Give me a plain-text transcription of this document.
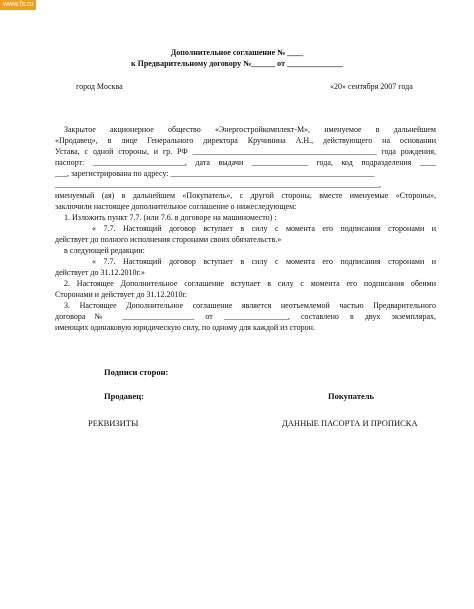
www.fs.ru
Дополнительное соглашение № ____
к Предварительному договору №______ от ______________
город Москва	«20» сентября 2007 года
Закрытое акционерное общество «Энергостройкомплект-М», именуемое в дальнейшем
«Продавец», в лице Генерального директора Кручинина А.Н., действующего на основании
Устава, с одной стороны, и гр. РФ ______________________________________________ года рождения,
паспорт: _______________________, дата выдачи ______________ года, код подразделения ____
___, зарегистрирована по адресу: ___________________________________________________
_________________________________________________________________________________,
именуемый (ая) в дальнейшем «Покупатель», с другой стороны, вместе именуемые «Стороны»,
заключили настоящее дополнительное соглашение о нижеследующем:
1. Изложить пункт 7.7. (или 7.6. в договоре на машиноместо) :
« 7.7. Настоящий договор вступает в силу с момента его подписания сторонами и
действует до полного исполнения сторонами своих обязательств.»
в следующей редакции:
« 7.7. Настоящий договор вступает в силу с момента его подписания сторонами и
действует до 31.12.2010г.»
2. Настоящее Дополнительное соглашение вступает в силу с момента его подписания обеими
Сторонами и действует до 31.12.2010г.
3. Настоящее Дополнительное соглашение является неотъемлемой частью Предварительного
договора№ __________________ от ________________, составлено в двух экземплярах,
имеющих одинаковую юридическую силу, по одному для каждой из сторон.
Подписи сторон:
Продавец:	Покупатель
РЕКВИЗИТЫ	ДАННЫЕ ПАСОРТА И ПРОПИСКА
